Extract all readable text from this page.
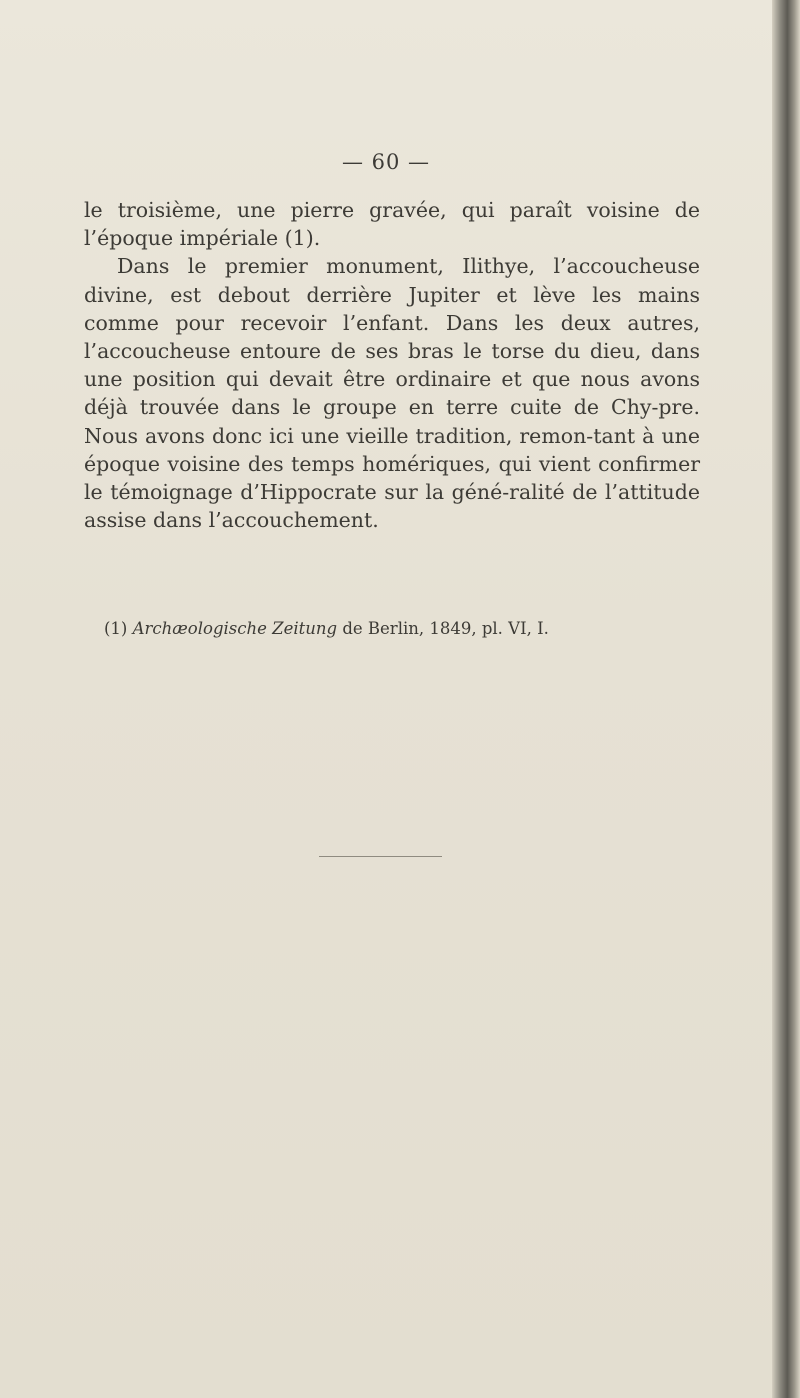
— 60 —

le troisième, une pierre gravée, qui paraît voisine de l’époque impériale (1).

Dans le premier monument, Ilithye, l’accoucheuse divine, est debout derrière Jupiter et lève les mains comme pour recevoir l’enfant. Dans les deux autres, l’accoucheuse entoure de ses bras le torse du dieu, dans une position qui devait être ordinaire et que nous avons déjà trouvée dans le groupe en terre cuite de Chy-pre. Nous avons donc ici une vieille tradition, remon-tant à une époque voisine des temps homériques, qui vient confirmer le témoignage d’Hippocrate sur la géné-ralité de l’attitude assise dans l’accouchement.

(1) Archæologische Zeitung de Berlin, 1849, pl. VI, I.
